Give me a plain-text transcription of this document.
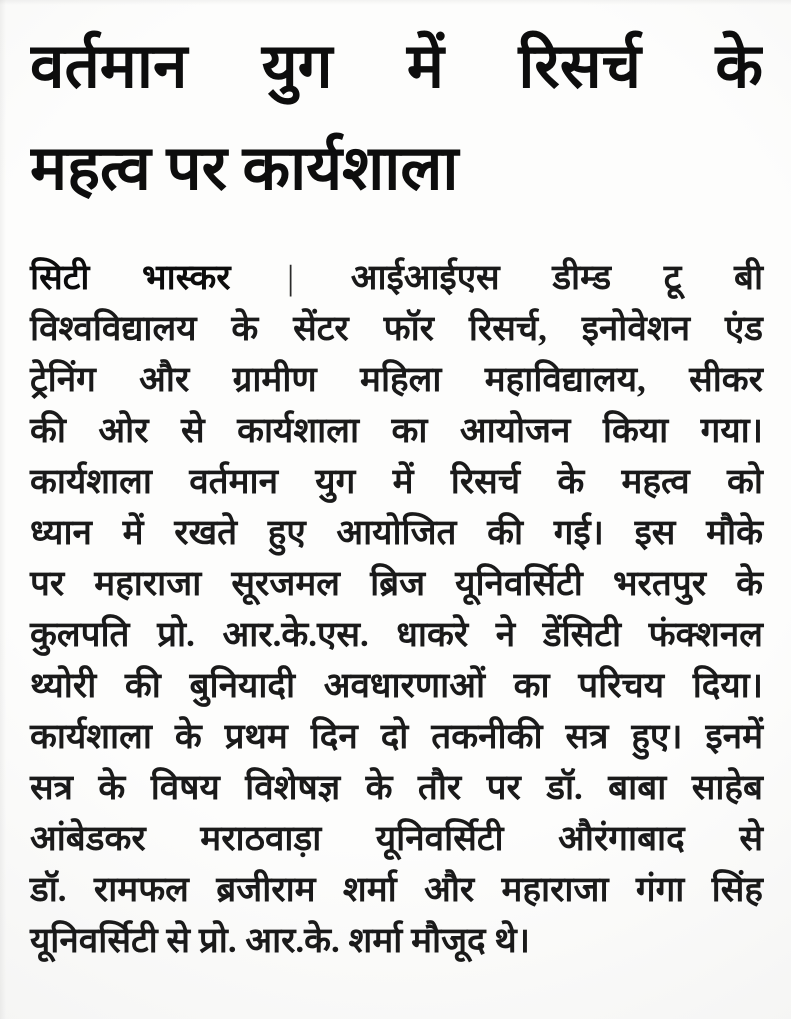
वर्तमान युग में रिसर्च के
महत्व पर कार्यशाला
सिटी भास्कर | आईआईएस डीम्ड टू बी
विश्वविद्यालय के सेंटर फॉर रिसर्च, इनोवेशन एंड
ट्रेनिंग और ग्रामीण महिला महाविद्यालय, सीकर
की ओर से कार्यशाला का आयोजन किया गया।
कार्यशाला वर्तमान युग में रिसर्च के महत्व को
ध्यान में रखते हुए आयोजित की गई। इस मौके
पर महाराजा सूरजमल ब्रिज यूनिवर्सिटी भरतपुर के
कुलपति प्रो. आर.के.एस. धाकरे ने डेंसिटी फंक्शनल
थ्योरी की बुनियादी अवधारणाओं का परिचय दिया।
कार्यशाला के प्रथम दिन दो तकनीकी सत्र हुए। इनमें
सत्र के विषय विशेषज्ञ के तौर पर डॉ. बाबा साहेब
आंबेडकर मराठवाड़ा यूनिवर्सिटी औरंगाबाद से
डॉ. रामफल ब्रजीराम शर्मा और महाराजा गंगा सिंह
यूनिवर्सिटी से प्रो. आर.के. शर्मा मौजूद थे।
